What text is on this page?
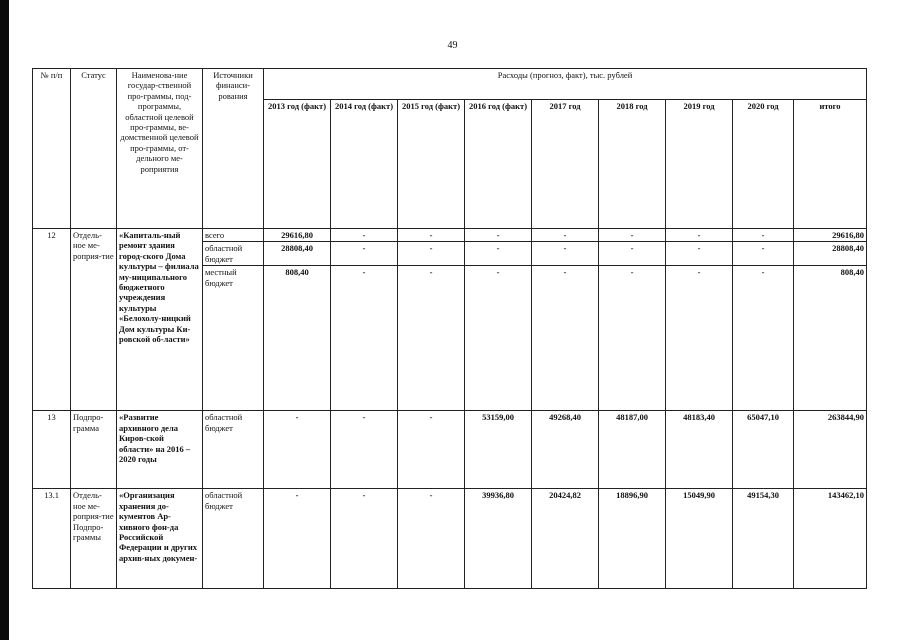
49
№ п/п	Статус	Наименова-ние государ-ственной про-граммы, под-программы, областной целевой про-граммы, ве-домственной целевой про-граммы, от-дельного ме-роприятия	Источники финанси-рования	Расходы (прогноз, факт), тыс. рублей								
				2013 год (факт)	2014 год (факт)	2015 год (факт)	2016 год (факт)	2017 год	2018 год	2019 год	2020 год	итого
12	Отдель-ное ме-роприя-тие	«Капиталь-ный ремонт здания город-ского Дома культуры – филиала му-ниципального бюджетного учреждения культуры «Белохолу-ницкий Дом культуры Ки-ровской об-ласти»	всего	29616,80	-	-	-	-	-	-	-	29616,80
			областной бюджет	28808,40	-	-	-	-	-	-	-	28808,40
			местный бюджет	808,40	-	-	-	-	-	-	-	808,40
13	Подпро-грамма	«Развитие архивного дела Киров-ской области» на 2016 – 2020 годы	областной бюджет	-	-	-	53159,00	49268,40	48187,00	48183,40	65047,10	263844,90
13.1	Отдель-ное ме-роприя-тие Подпро-граммы	«Организация хранения до-кументов Ар-хивного фон-да Российской Федерации и других архив-ных докумен-	областной бюджет	-	-	-	39936,80	20424,82	18896,90	15049,90	49154,30	143462,10
